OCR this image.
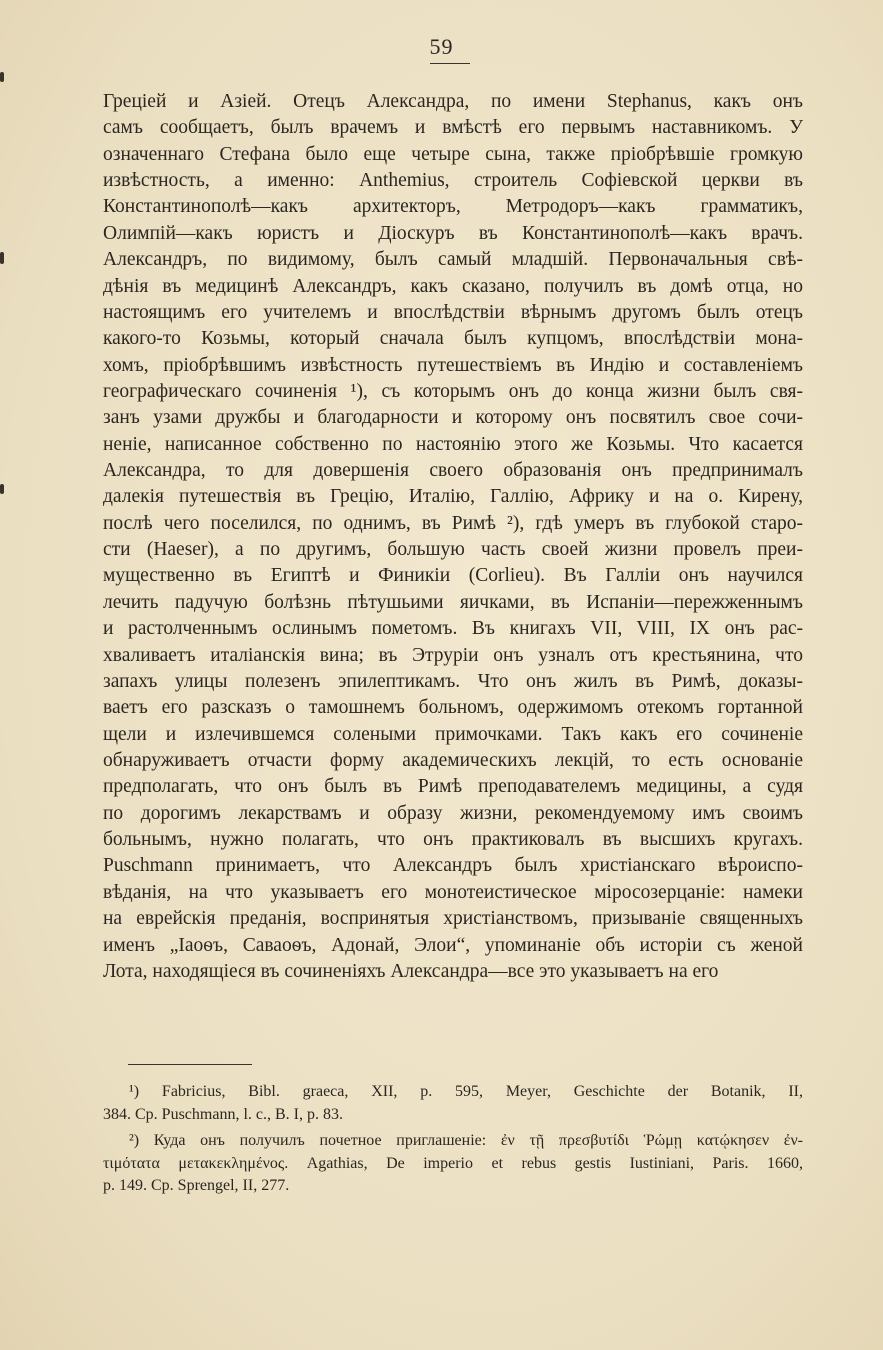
59
Греціей и Азіей. Отецъ Александра, по имени Stephanus, какъ онъ
самъ сообщаетъ, былъ врачемъ и вмѣстѣ его первымъ наставникомъ. У
означеннаго Стефана было еще четыре сына, также пріобрѣвшіе громкую
извѣстность, а именно: Anthemius, строитель Софіевской церкви въ
Константинополѣ—какъ архитекторъ, Метродоръ—какъ грамматикъ,
Олимпій—какъ юристъ и Діоскуръ въ Константинополѣ—какъ врачъ.
Александръ, по видимому, былъ самый младшій. Первоначальныя свѣ-
дѣнія въ медицинѣ Александръ, какъ сказано, получилъ въ домѣ отца, но
настоящимъ его учителемъ и впослѣдствіи вѣрнымъ другомъ былъ отецъ
какого-то Козьмы, который сначала былъ купцомъ, впослѣдствіи мона-
хомъ, пріобрѣвшимъ извѣстность путешествіемъ въ Индію и составленіемъ
географическаго сочиненія ¹), съ которымъ онъ до конца жизни былъ свя-
занъ узами дружбы и благодарности и которому онъ посвятилъ свое сочи-
неніе, написанное собственно по настоянію этого же Козьмы. Что касается
Александра, то для довершенія своего образованія онъ предпринималъ
далекія путешествія въ Грецію, Италію, Галлію, Африку и на о. Кирену,
послѣ чего поселился, по однимъ, въ Римѣ ²), гдѣ умеръ въ глубокой старо-
сти (Haeser), а по другимъ, большую часть своей жизни провелъ преи-
мущественно въ Египтѣ и Финикіи (Corlieu). Въ Галліи онъ научился
лечить падучую болѣзнь пѣтушьими яичками, въ Испаніи—пережженнымъ
и растолченнымъ ослинымъ пометомъ. Въ книгахъ VII, VIII, IX онъ рас-
хваливаетъ италіанскія вина; въ Этруріи онъ узналъ отъ крестьянина, что
запахъ улицы полезенъ эпилептикамъ. Что онъ жилъ въ Римѣ, доказы-
ваетъ его разсказъ о тамошнемъ больномъ, одержимомъ отекомъ гортанной
щели и излечившемся солеными примочками. Такъ какъ его сочиненіе
обнаруживаетъ отчасти форму академическихъ лекцій, то есть основаніе
предполагать, что онъ былъ въ Римѣ преподавателемъ медицины, а судя
по дорогимъ лекарствамъ и образу жизни, рекомендуемому имъ своимъ
больнымъ, нужно полагать, что онъ практиковалъ въ высшихъ кругахъ.
Puschmann принимаетъ, что Александръ былъ христіанскаго вѣроиспо-
вѣданія, на что указываетъ его монотеистическое міросозерцаніе: намеки
на еврейскія преданія, воспринятыя христіанствомъ, призываніе священныхъ
именъ „Іаоѳъ, Саваоѳъ, Адонай, Элои“, упоминаніе объ исторіи съ женой
Лота, находящіеся въ сочиненіяхъ Александра—все это указываетъ на его
¹) Fabricius, Bibl. graeca, XII, p. 595, Meyer, Geschichte der Botanik, II,
384. Ср. Puschmann, l. c., B. I, p. 83.
²) Куда онъ получилъ почетное приглашеніе: ἐν τῇ πρεσβυτίδι Ῥώμῃ κατῴκησεν ἐν-
τιμότατα μετακεκλημένος. Agathias, De imperio et rebus gestis Iustiniani, Paris. 1660,
p. 149. Ср. Sprengel, II, 277.
